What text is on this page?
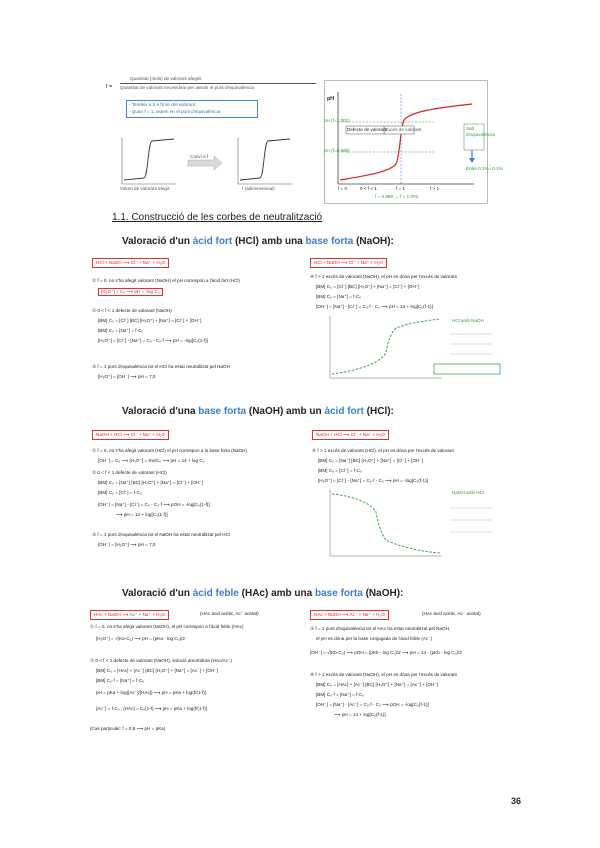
f =
Quantitat (mols) de valorant afegits
Quantitat de valorant necessària per assolir el punt d'equivalència
- Tendeix a 0 a l'inici del valorant
- Quan f = 1, estem en el punt d'equivalència
Canvi a f
Volum de valorant afegit	f (adimensional)
pH
pH (f=1.001)
pH (f=0.999)
Defecte de valorant
Excés de valorant	Salt d'equivalència
Entre 0.1% i 0.1%
f = 0	0 < f < 1	f = 1	f > 1
f = 0.999 → f = 1.001
1.1. Construcció de les corbes de neutralització
Valoració d'un àcid fort (HCl) amb una base forta (NaOH):
HCl + NaOH ⟶ Cl⁻ + Na⁺ + H₂O
① f = 0. no s'ha afegit valorant (NaOH) el pH correspon a l'àcid fort (HCl)
[H₃O⁺] = C₀ ⟶ pH = -log C₀
② 0 < f < 1 defecte de valorant (NaOH)
[BM] C₀ = [Cl⁻] [BC] [H₃O⁺] + [Na⁺] = [Cl⁻] + [OH⁻]
[BM] C₀ = [Na⁺] = f·C₀
[H₃O⁺] = [Cl⁻] - [Na⁺] = C₀ - C₀·f ⟶ pH = -log[C₀(1-f)]
③ f = 1 punt d'equivalència tot el HCl ha estat neutralitzat pel NaOH
[H₃O⁺] = [OH⁻] ⟶ pH = 7,0
HCl + NaOH ⟶ Cl⁻ + Na⁺ + H₂O
④ f > 1 excés de valorant (NaOH), el pH es dóna per l'excés de valorant
[BM] C₀ = [Cl⁻] [BC] [H₃O⁺] + [Na⁺] = [Cl⁻] + [OH⁻]
[BM] C₀ = [Na⁺] = f·C₀
[OH⁻] = [Na⁺] - [Cl⁻] = C₀·f - C₀ ⟶ pH = 14 + log[C₀(f-1)]
HCl amb NaOH
Valoració d'una base forta (NaOH) amb un àcid fort (HCl):
NaOH + HCl ⟶ Cl⁻ + Na⁺ + H₂O
① f = 0. no s'ha afegit valorant (HCl) el pH correspon a la base forta (NaOH)
[OH⁻] = C₀ ⟶ [H₃O⁺] = Kw/C₀ ⟶ pH = 14 + log C₀
② 0 < f < 1 defecte de valorant (HCl)
[BM] C₀ = [Na⁺] [BC] [H₃O⁺] + [Na⁺] = [Cl⁻] + [OH⁻]
[BM] C₀ = [Cl⁻] = f·C₀
[OH⁻] = [Na⁺] - [Cl⁻] = C₀ - C₀·f ⟶ pOH = -log[C₀(1-f)]
⟶ pH = 14 + log[C₀(1-f)]
③ f = 1 punt d'equivalència tot el NaOH ha estat neutralitzat pel HCl
[OH⁻] = [H₃O⁺] ⟶ pH = 7,0
NaOH + HCl ⟶ Cl⁻ + Na⁺ + H₂O
④ f > 1 excés de valorant (HCl), el pH es dóna per l'excés de valorant
[BM] C₀ = [Na⁺] [BC] [H₃O⁺] + [Na⁺] = [Cl⁻] + [OH⁻]
[BM] C₀ = [Cl⁻] = f·C₀
[H₃O⁺] = [Cl⁻] - [Na⁺] = C₀·f - C₀ ⟶ pH = -log[C₀(f-1)]
NaOH amb HCl
Valoració d'un àcid feble (HAc) amb una base forta (NaOH):
HAc + NaOH ⟶ Ac⁻ + Na⁺ + H₂O	(HAc àcid acètic, Ac⁻ acetat)
① f = 0. no s'ha afegit valorant (NaOH), el pH correspon a l'àcid feble (HAc)
[H₃O⁺] = √(Ka·C₀) ⟶ pH = (pKa - log C₀)/2
② 0 < f < 1 defecte de valorant (NaOH), solució amortidora (HAc/Ac⁻)
[BM] C₀ = [HAc] + [Ac⁻] [BC] [H₃O⁺] + [Na⁺] = [Ac⁻] + [OH⁻]
[BM] C₀·f = [Na⁺] = f·C₀
pH = pKa + log([Ac⁻]/[HAc]) ⟶ pH = pKa + log(f/(1-f))
[Ac⁻] = f·C₀ ; [HAc] = C₀(1-f) ⟶ pH = pKa + log(f/(1-f))
(Cas particular: f = 0,5 ⟶ pH = pKa)
HAc + NaOH ⟶ Ac⁻ + Na⁺ + H₂O	(HAc àcid acètic, Ac⁻ acetat)
③ f = 1 punt d'equivalència tot el HAc ha estat neutralitzat pel NaOH,
el pH es dóna per la base conjugada de l'àcid feble (Ac⁻)
[OH⁻] = √(Kb·C₀) ⟶ pOH = (pKb - log C₀)/2 ⟶ pH = 14 - (pKb - log C₀)/2
④ f > 1 excés de valorant (NaOH), el pH es dóna per l'excés de valorant
[BM] C₀ = [HAc] + [Ac⁻] [BC] [H₃O⁺] + [Na⁺] = [Ac⁻] + [OH⁻]
[BM] C₀·f = [Na⁺] = f·C₀
[OH⁻] = [Na⁺] - [Ac⁻] = C₀·f - C₀ ⟶ pOH = -log[C₀(f-1)]
⟶ pH = 14 + log[C₀(f-1)]
36
